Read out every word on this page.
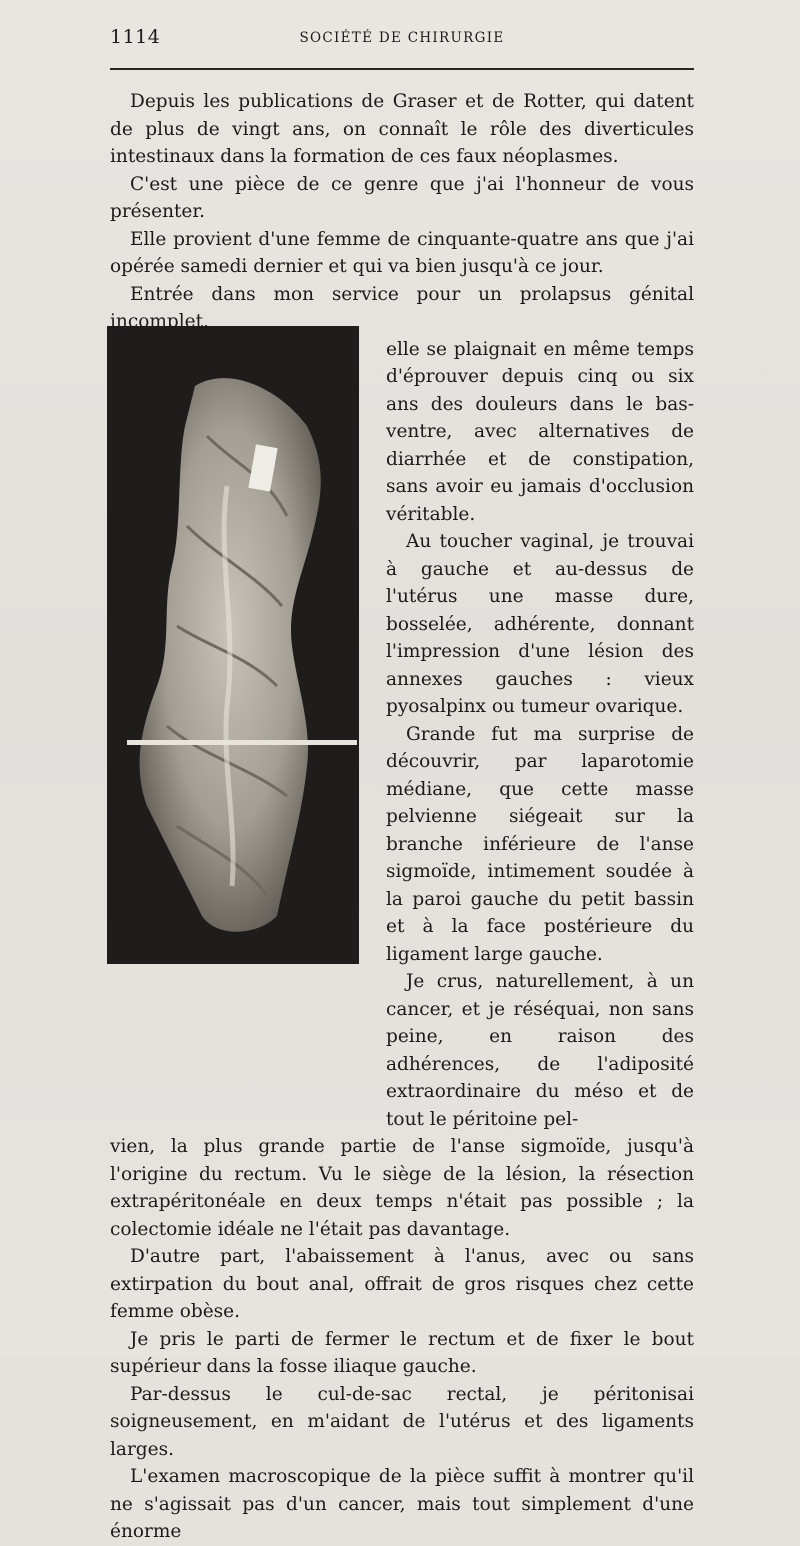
1114	SOCIÉTÉ DE CHIRURGIE

Depuis les publications de Graser et de Rotter, qui datent de plus de vingt ans, on connaît le rôle des diverticules intestinaux dans la formation de ces faux néoplasmes.

C'est une pièce de ce genre que j'ai l'honneur de vous présenter.

Elle provient d'une femme de cinquante-quatre ans que j'ai opérée samedi dernier et qui va bien jusqu'à ce jour.

Entrée dans mon service pour un prolapsus génital incomplet,

elle se plaignait en même temps d'éprouver depuis cinq ou six ans des douleurs dans le bas-ventre, avec alternatives de diarrhée et de constipation, sans avoir eu jamais d'occlusion véritable.

Au toucher vaginal, je trouvai à gauche et au-dessus de l'utérus une masse dure, bosselée, adhérente, donnant l'impression d'une lésion des annexes gauches : vieux pyosalpinx ou tumeur ovarique.

Grande fut ma surprise de découvrir, par laparotomie médiane, que cette masse pelvienne siégeait sur la branche inférieure de l'anse sigmoïde, intimement soudée à la paroi gauche du petit bassin et à la face postérieure du ligament large gauche.

Je crus, naturellement, à un cancer, et je réséquai, non sans peine, en raison des adhérences, de l'adiposité extraordinaire du méso et de tout le péritoine pel-

vien, la plus grande partie de l'anse sigmoïde, jusqu'à l'origine du rectum. Vu le siège de la lésion, la résection extrapéritonéale en deux temps n'était pas possible ; la colectomie idéale ne l'était pas davantage.

D'autre part, l'abaissement à l'anus, avec ou sans extirpation du bout anal, offrait de gros risques chez cette femme obèse.

Je pris le parti de fermer le rectum et de fixer le bout supérieur dans la fosse iliaque gauche.

Par-dessus le cul-de-sac rectal, je péritonisai soigneusement, en m'aidant de l'utérus et des ligaments larges.

L'examen macroscopique de la pièce suffit à montrer qu'il ne s'agissait pas d'un cancer, mais tout simplement d'une énorme
